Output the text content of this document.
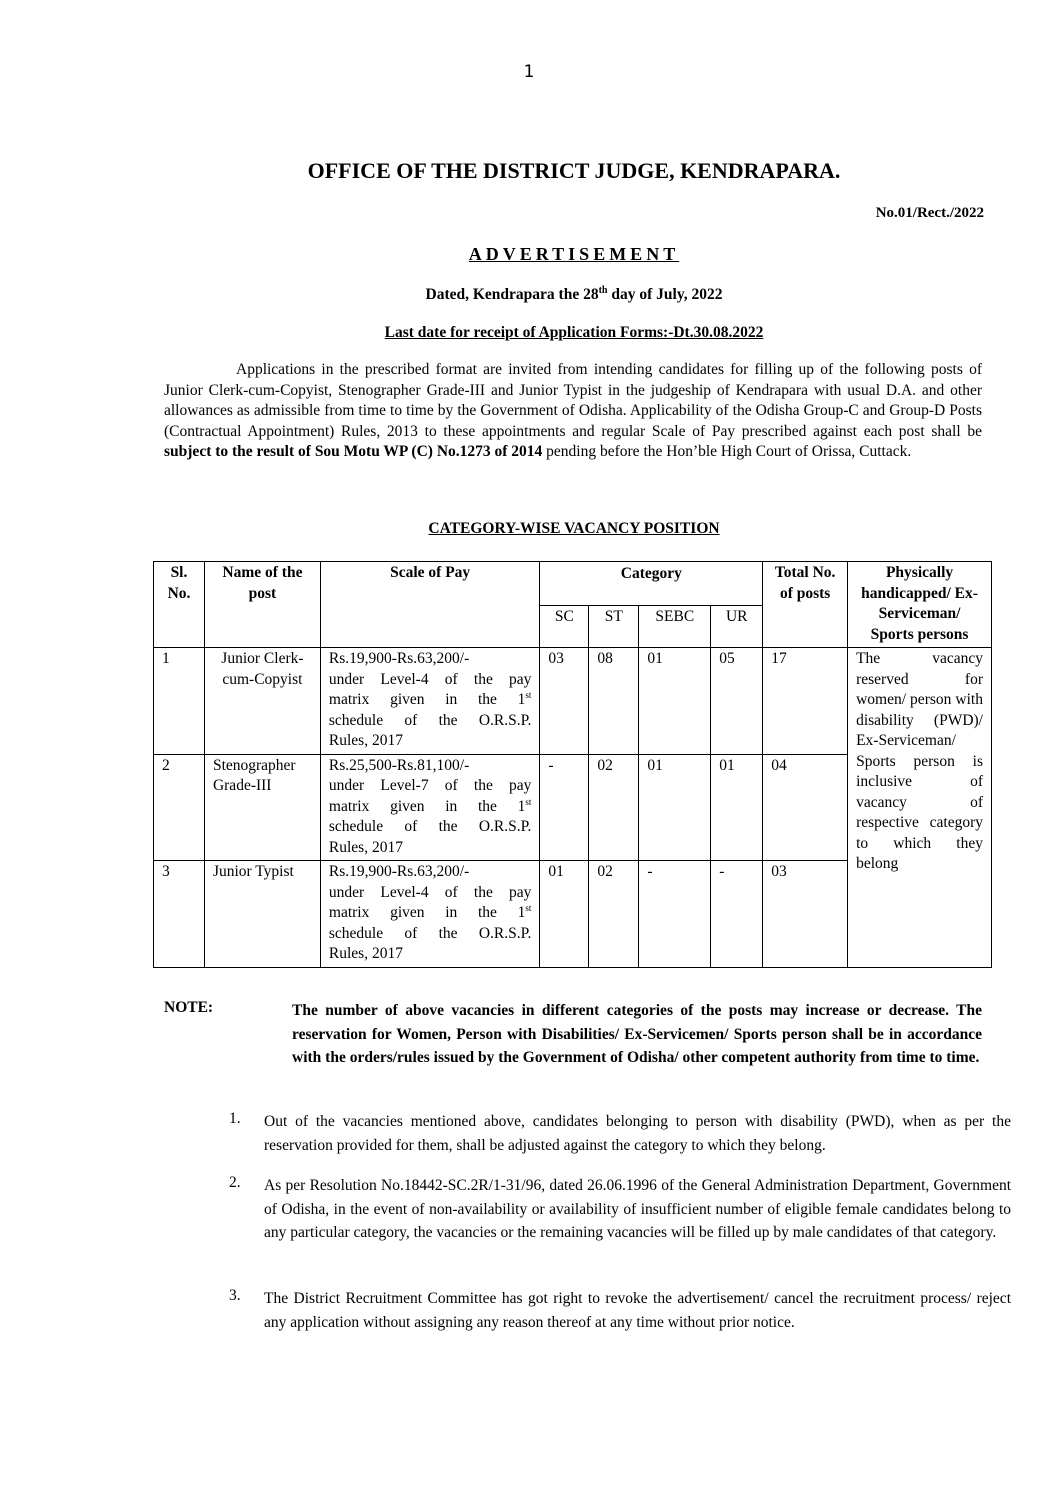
1
OFFICE OF THE DISTRICT JUDGE, KENDRAPARA.
No.01/Rect./2022
ADVERTISEMENT
Dated, Kendrapara the 28th day of July, 2022
Last date for receipt of Application Forms:-Dt.30.08.2022
Applications in the prescribed format are invited from intending candidates for filling up of the following posts of Junior Clerk-cum-Copyist, Stenographer Grade-III and Junior Typist in the judgeship of Kendrapara with usual D.A. and other allowances as admissible from time to time by the Government of Odisha. Applicability of the Odisha Group-C and Group-D Posts (Contractual Appointment) Rules, 2013 to these appointments and regular Scale of Pay prescribed against each post shall be subject to the result of Sou Motu WP (C) No.1273 of 2014 pending before the Hon’ble High Court of Orissa, Cuttack.
CATEGORY-WISE VACANCY POSITION
Sl. No.	Name of the post	Scale of Pay	Category				Total No. of posts	Physically handicapped/ Ex-Serviceman/ Sports persons
			SC	ST	SEBC	UR		
1	Junior Clerk-cum-Copyist	Rs.19,900-Rs.63,200/-
under Level-4 of the pay
matrix given in the 1st
schedule of the O.R.S.P.
Rules, 2017	03	08	01	05	17	The vacancy reserved for women/ person with disability (PWD)/ Ex-Serviceman/ Sports person is inclusive of vacancy of respective category to which they belong
2	Stenographer Grade-III	Rs.25,500-Rs.81,100/-
under Level-7 of the pay
matrix given in the 1st
schedule of the O.R.S.P.
Rules, 2017	-	02	01	01	04	
3	Junior Typist	Rs.19,900-Rs.63,200/-
under Level-4 of the pay
matrix given in the 1st
schedule of the O.R.S.P.
Rules, 2017	01	02	-	-	03	
NOTE:	The number of above vacancies in different categories of the posts may increase or decrease. The reservation for Women, Person with Disabilities/ Ex-Servicemen/ Sports person shall be in accordance with the orders/rules issued by the Government of Odisha/ other competent authority from time to time.
1. Out of the vacancies mentioned above, candidates belonging to person with disability (PWD), when as per the reservation provided for them, shall be adjusted against the category to which they belong.
2. As per Resolution No.18442-SC.2R/1-31/96, dated 26.06.1996 of the General Administration Department, Government of Odisha, in the event of non-availability or availability of insufficient number of eligible female candidates belong to any particular category, the vacancies or the remaining vacancies will be filled up by male candidates of that category.
3. The District Recruitment Committee has got right to revoke the advertisement/ cancel the recruitment process/ reject any application without assigning any reason thereof at any time without prior notice.
